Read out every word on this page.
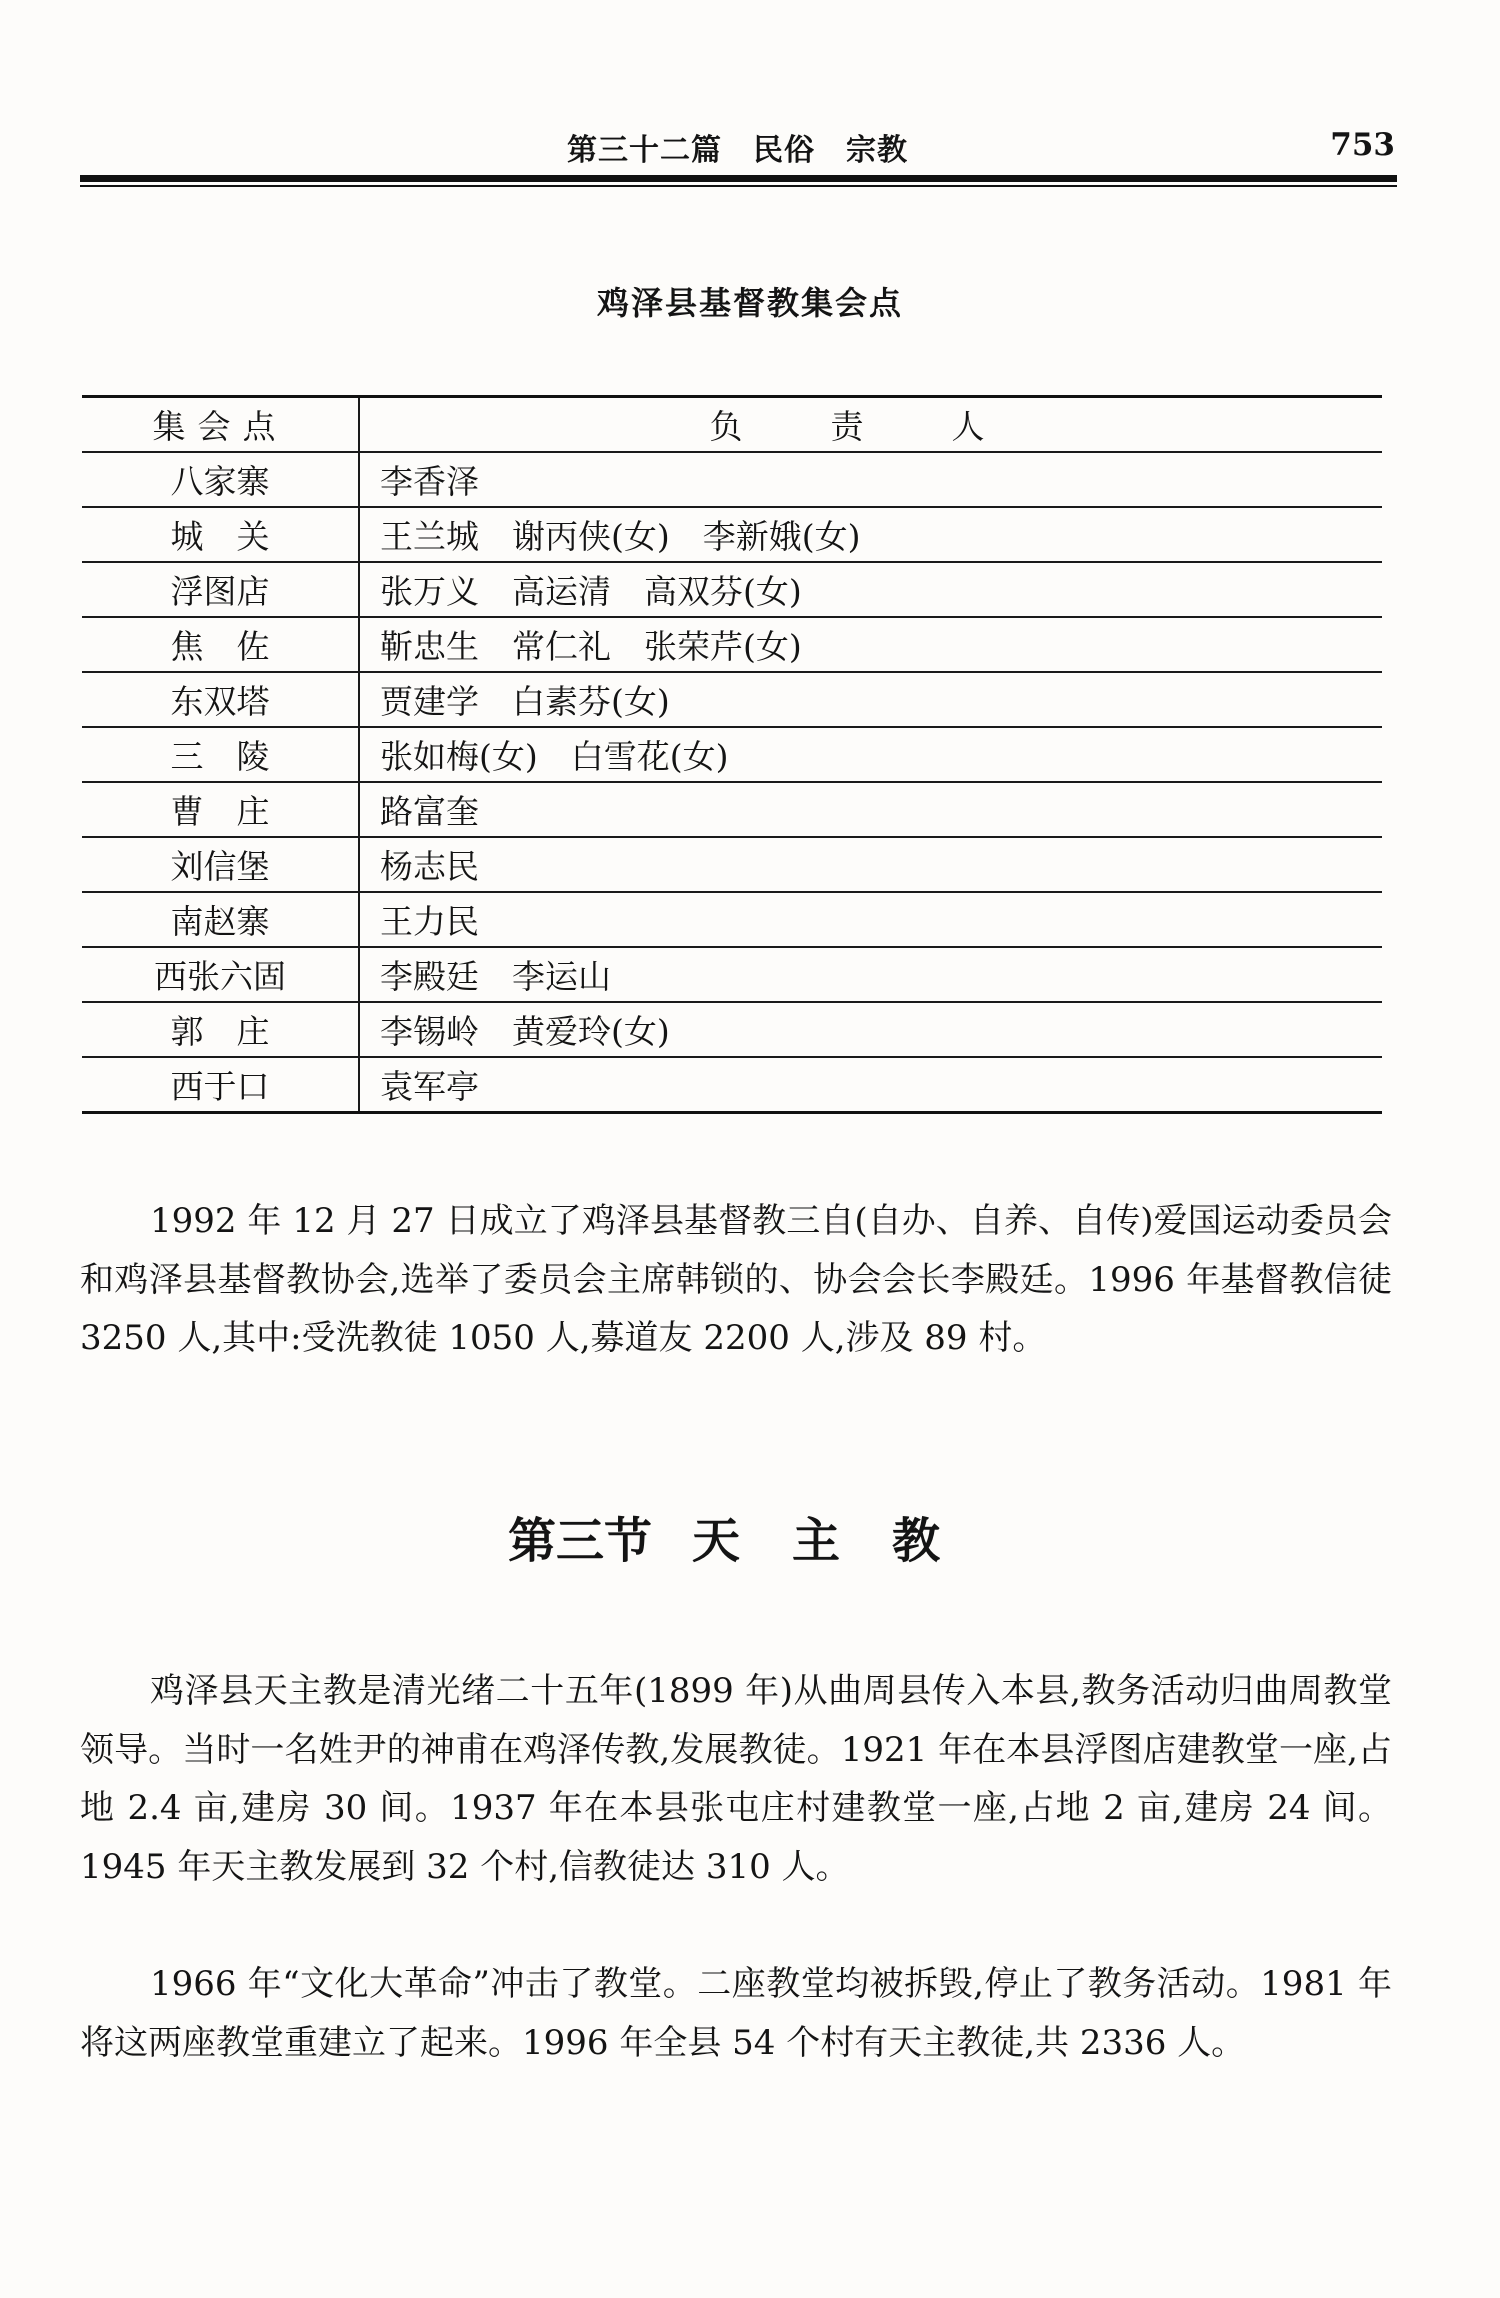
第三十二篇　民俗　宗教	753
鸡泽县基督教集会点
集会点	负责人
八家寨	李香泽
城　关	王兰城　谢丙侠(女)　李新娥(女)
浮图店	张万义　高运清　高双芬(女)
焦　佐	靳忠生　常仁礼　张荣芹(女)
东双塔	贾建学　白素芬(女)
三　陵	张如梅(女)　白雪花(女)
曹　庄	路富奎
刘信堡	杨志民
南赵寨	王力民
西张六固	李殿廷　李运山
郭　庄	李锡岭　黄爱玲(女)
西于口	袁军亭

1992 年 12 月 27 日成立了鸡泽县基督教三自(自办、自养、自传)爱国运动委员会和鸡泽县基督教协会,选举了委员会主席韩锁的、协会会长李殿廷。1996 年基督教信徒 3250 人,其中:受洗教徒 1050 人,募道友 2200 人,涉及 89 村。

第三节 天主教

鸡泽县天主教是清光绪二十五年(1899 年)从曲周县传入本县,教务活动归曲周教堂领导。当时一名姓尹的神甫在鸡泽传教,发展教徒。1921 年在本县浮图店建教堂一座,占地 2.4 亩,建房 30 间。1937 年在本县张屯庄村建教堂一座,占地 2 亩,建房 24 间。1945 年天主教发展到 32 个村,信教徒达 310 人。

1966 年“文化大革命”冲击了教堂。二座教堂均被拆毁,停止了教务活动。1981 年将这两座教堂重建立了起来。1996 年全县 54 个村有天主教徒,共 2336 人。
